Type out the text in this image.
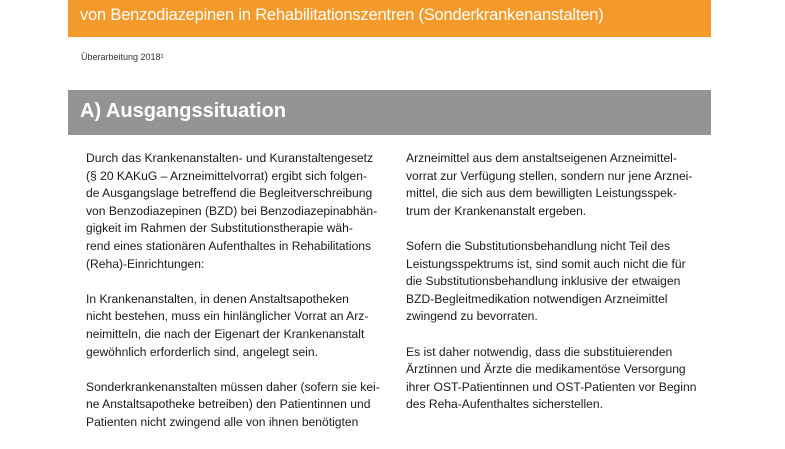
von Benzodiazepinen in Rehabilitationszentren (Sonderkrankenanstalten)
Überarbeitung 2018¹
A) Ausgangssituation

Durch das Krankenanstalten- und Kuranstaltengesetz
(§ 20 KAKuG – Arzneimittelvorrat) ergibt sich folgen-
de Ausgangslage betreffend die Begleitverschreibung
von Benzodiazepinen (BZD) bei Benzodiazepinabhän-
gigkeit im Rahmen der Substitutionstherapie wäh-
rend eines stationären Aufenthaltes in Rehabilitations
(Reha)-Einrichtungen:

In Krankenanstalten, in denen Anstaltsapotheken
nicht bestehen, muss ein hinlänglicher Vorrat an Arz-
neimitteln, die nach der Eigenart der Krankenanstalt
gewöhnlich erforderlich sind, angelegt sein.

Sonderkrankenanstalten müssen daher (sofern sie kei-
ne Anstaltsapotheke betreiben) den Patientinnen und
Patienten nicht zwingend alle von ihnen benötigten

Arzneimittel aus dem anstaltseigenen Arzneimittel-
vorrat zur Verfügung stellen, sondern nur jene Arznei-
mittel, die sich aus dem bewilligten Leistungsspek-
trum der Krankenanstalt ergeben.

Sofern die Substitutionsbehandlung nicht Teil des
Leistungsspektrums ist, sind somit auch nicht die für
die Substitutionsbehandlung inklusive der etwaigen
BZD-Begleitmedikation notwendigen Arzneimittel
zwingend zu bevorraten.

Es ist daher notwendig, dass die substituierenden
Ärztinnen und Ärzte die medikamentöse Versorgung
ihrer OST-Patientinnen und OST-Patienten vor Beginn
des Reha-Aufenthaltes sicherstellen.
